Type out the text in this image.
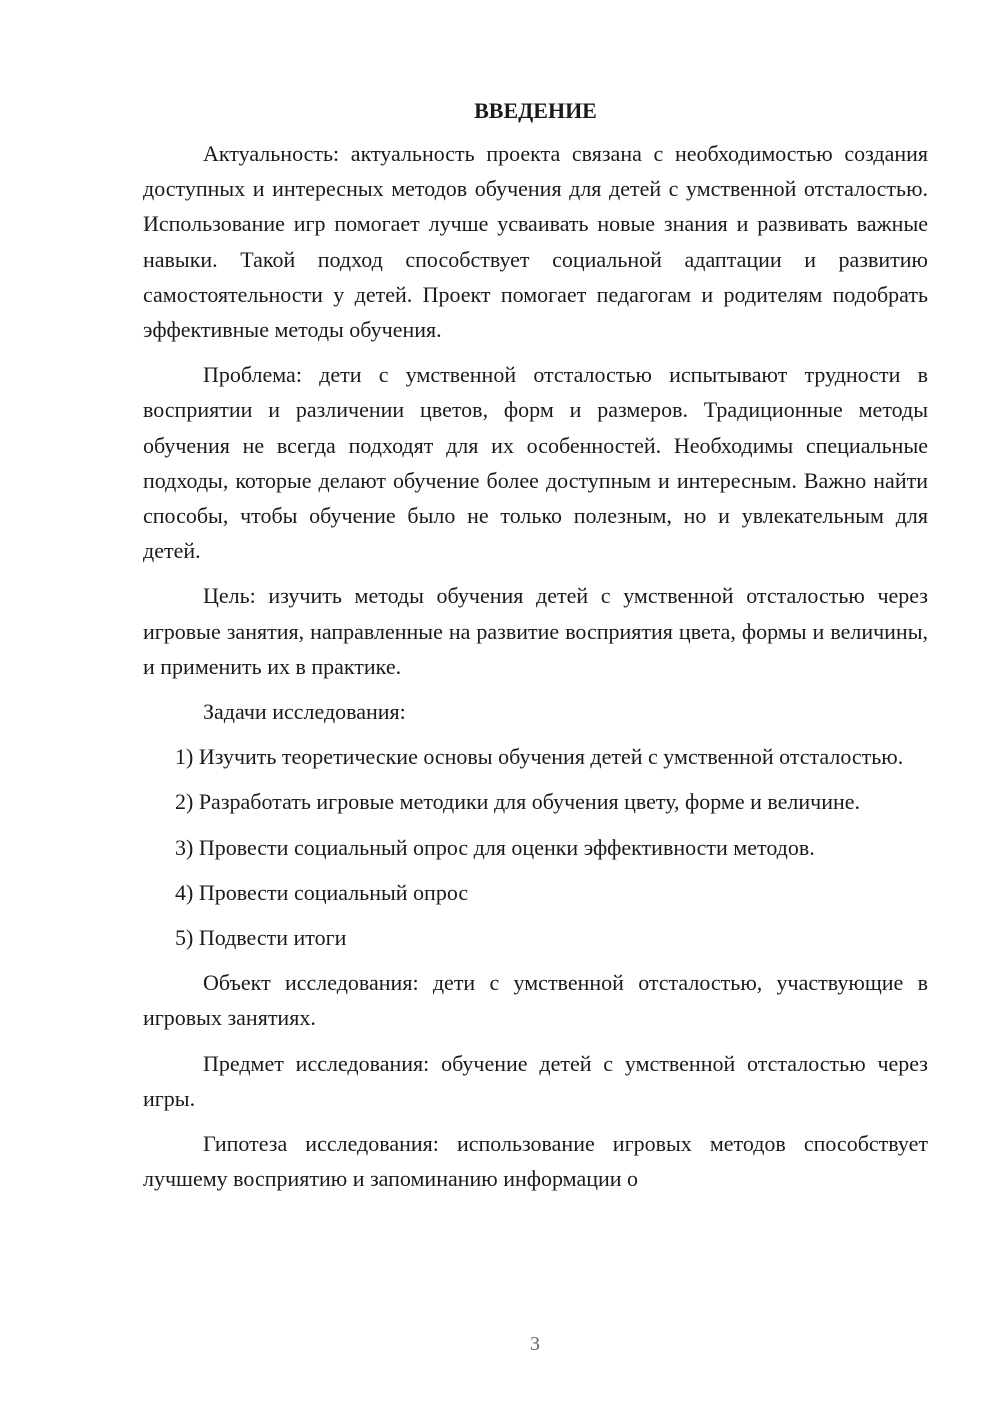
ВВЕДЕНИЕ

Актуальность: актуальность проекта связана с необходимостью создания доступных и интересных методов обучения для детей с умственной отсталостью. Использование игр помогает лучше усваивать новые знания и развивать важные навыки. Такой подход способствует социальной адаптации и развитию самостоятельности у детей. Проект помогает педагогам и родителям подобрать эффективные методы обучения.

Проблема: дети с умственной отсталостью испытывают трудности в восприятии и различении цветов, форм и размеров. Традиционные методы обучения не всегда подходят для их особенностей. Необходимы специальные подходы, которые делают обучение более доступным и интересным. Важно найти способы, чтобы обучение было не только полезным, но и увлекательным для детей.

Цель: изучить методы обучения детей с умственной отсталостью через игровые занятия, направленные на развитие восприятия цвета, формы и величины, и применить их в практике.

Задачи исследования:

1) Изучить теоретические основы обучения детей с умственной отсталостью.

2) Разработать игровые методики для обучения цвету, форме и величине.

3) Провести социальный опрос для оценки эффективности методов.

4) Провести социальный опрос

5) Подвести итоги

Объект исследования: дети с умственной отсталостью, участвующие в игровых занятиях.

Предмет исследования: обучение детей с умственной отсталостью через игры.

Гипотеза исследования: использование игровых методов способствует лучшему восприятию и запоминанию информации о

3
